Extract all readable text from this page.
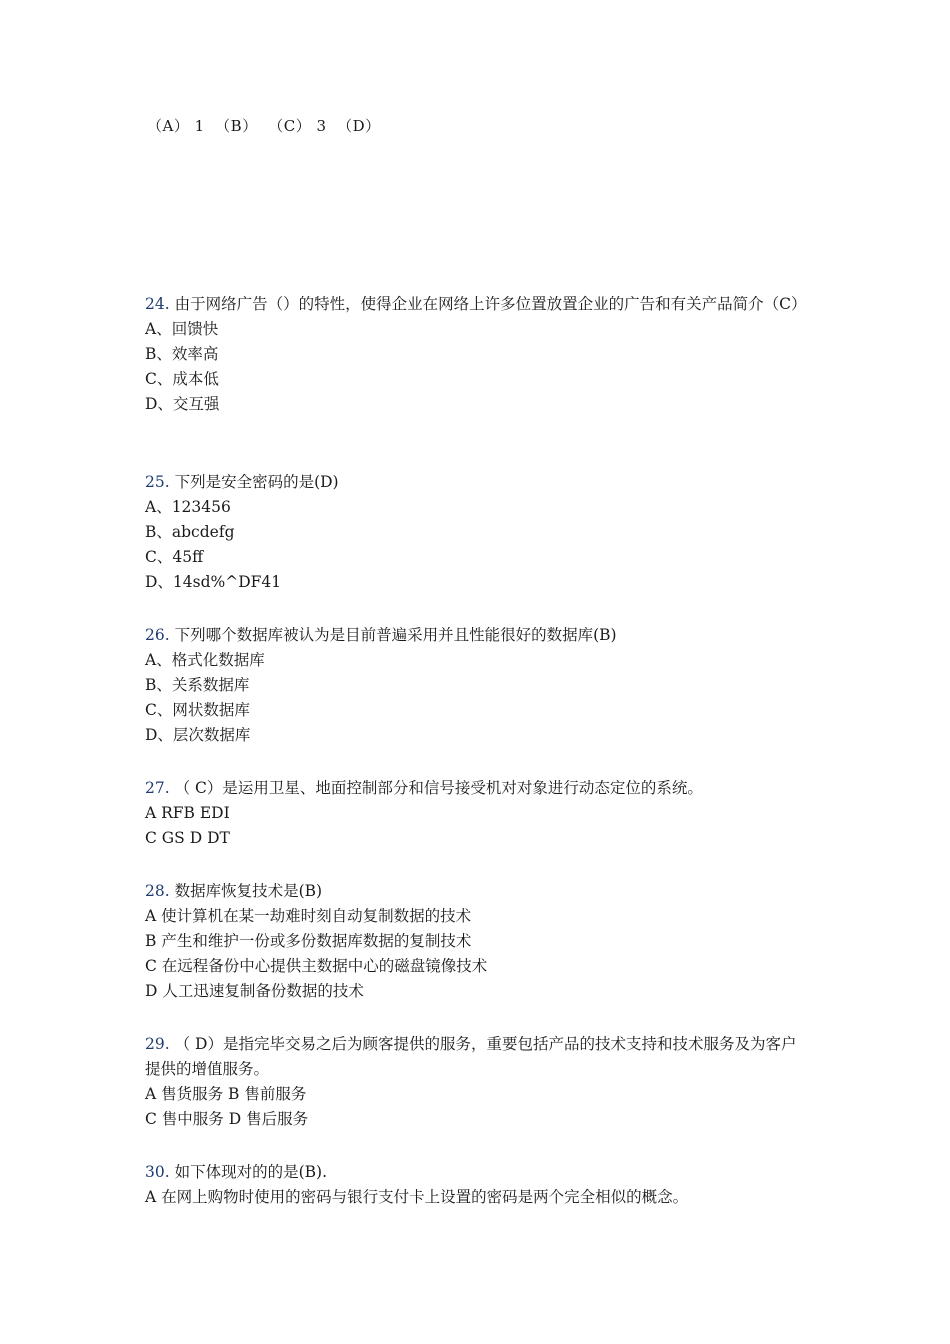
（A） 1  （B）  （C） 3  （D）
24. 由于网络广告（）的特性，使得企业在网络上许多位置放置企业的广告和有关产品简介（C）
A、回馈快
B、效率高
C、成本低
D、交互强
25. 下列是安全密码的是(D)
A、123456
B、abcdefg
C、45ff
D、14sd%^DF41
26. 下列哪个数据库被认为是目前普遍采用并且性能很好的数据库(B)
A、格式化数据库
B、关系数据库
C、网状数据库
D、层次数据库
27. （ C）是运用卫星、地面控制部分和信号接受机对对象进行动态定位的系统。
A RFB EDI
C GS D DT
28. 数据库恢复技术是(B)
A 使计算机在某一劫难时刻自动复制数据的技术
B 产生和维护一份或多份数据库数据的复制技术
C 在远程备份中心提供主数据中心的磁盘镜像技术
D 人工迅速复制备份数据的技术
29. （ D）是指完毕交易之后为顾客提供的服务，重要包括产品的技术支持和技术服务及为客户提供的增值服务。
A 售货服务 B 售前服务
C 售中服务 D 售后服务
30. 如下体现对的的是(B).
A 在网上购物时使用的密码与银行支付卡上设置的密码是两个完全相似的概念。
